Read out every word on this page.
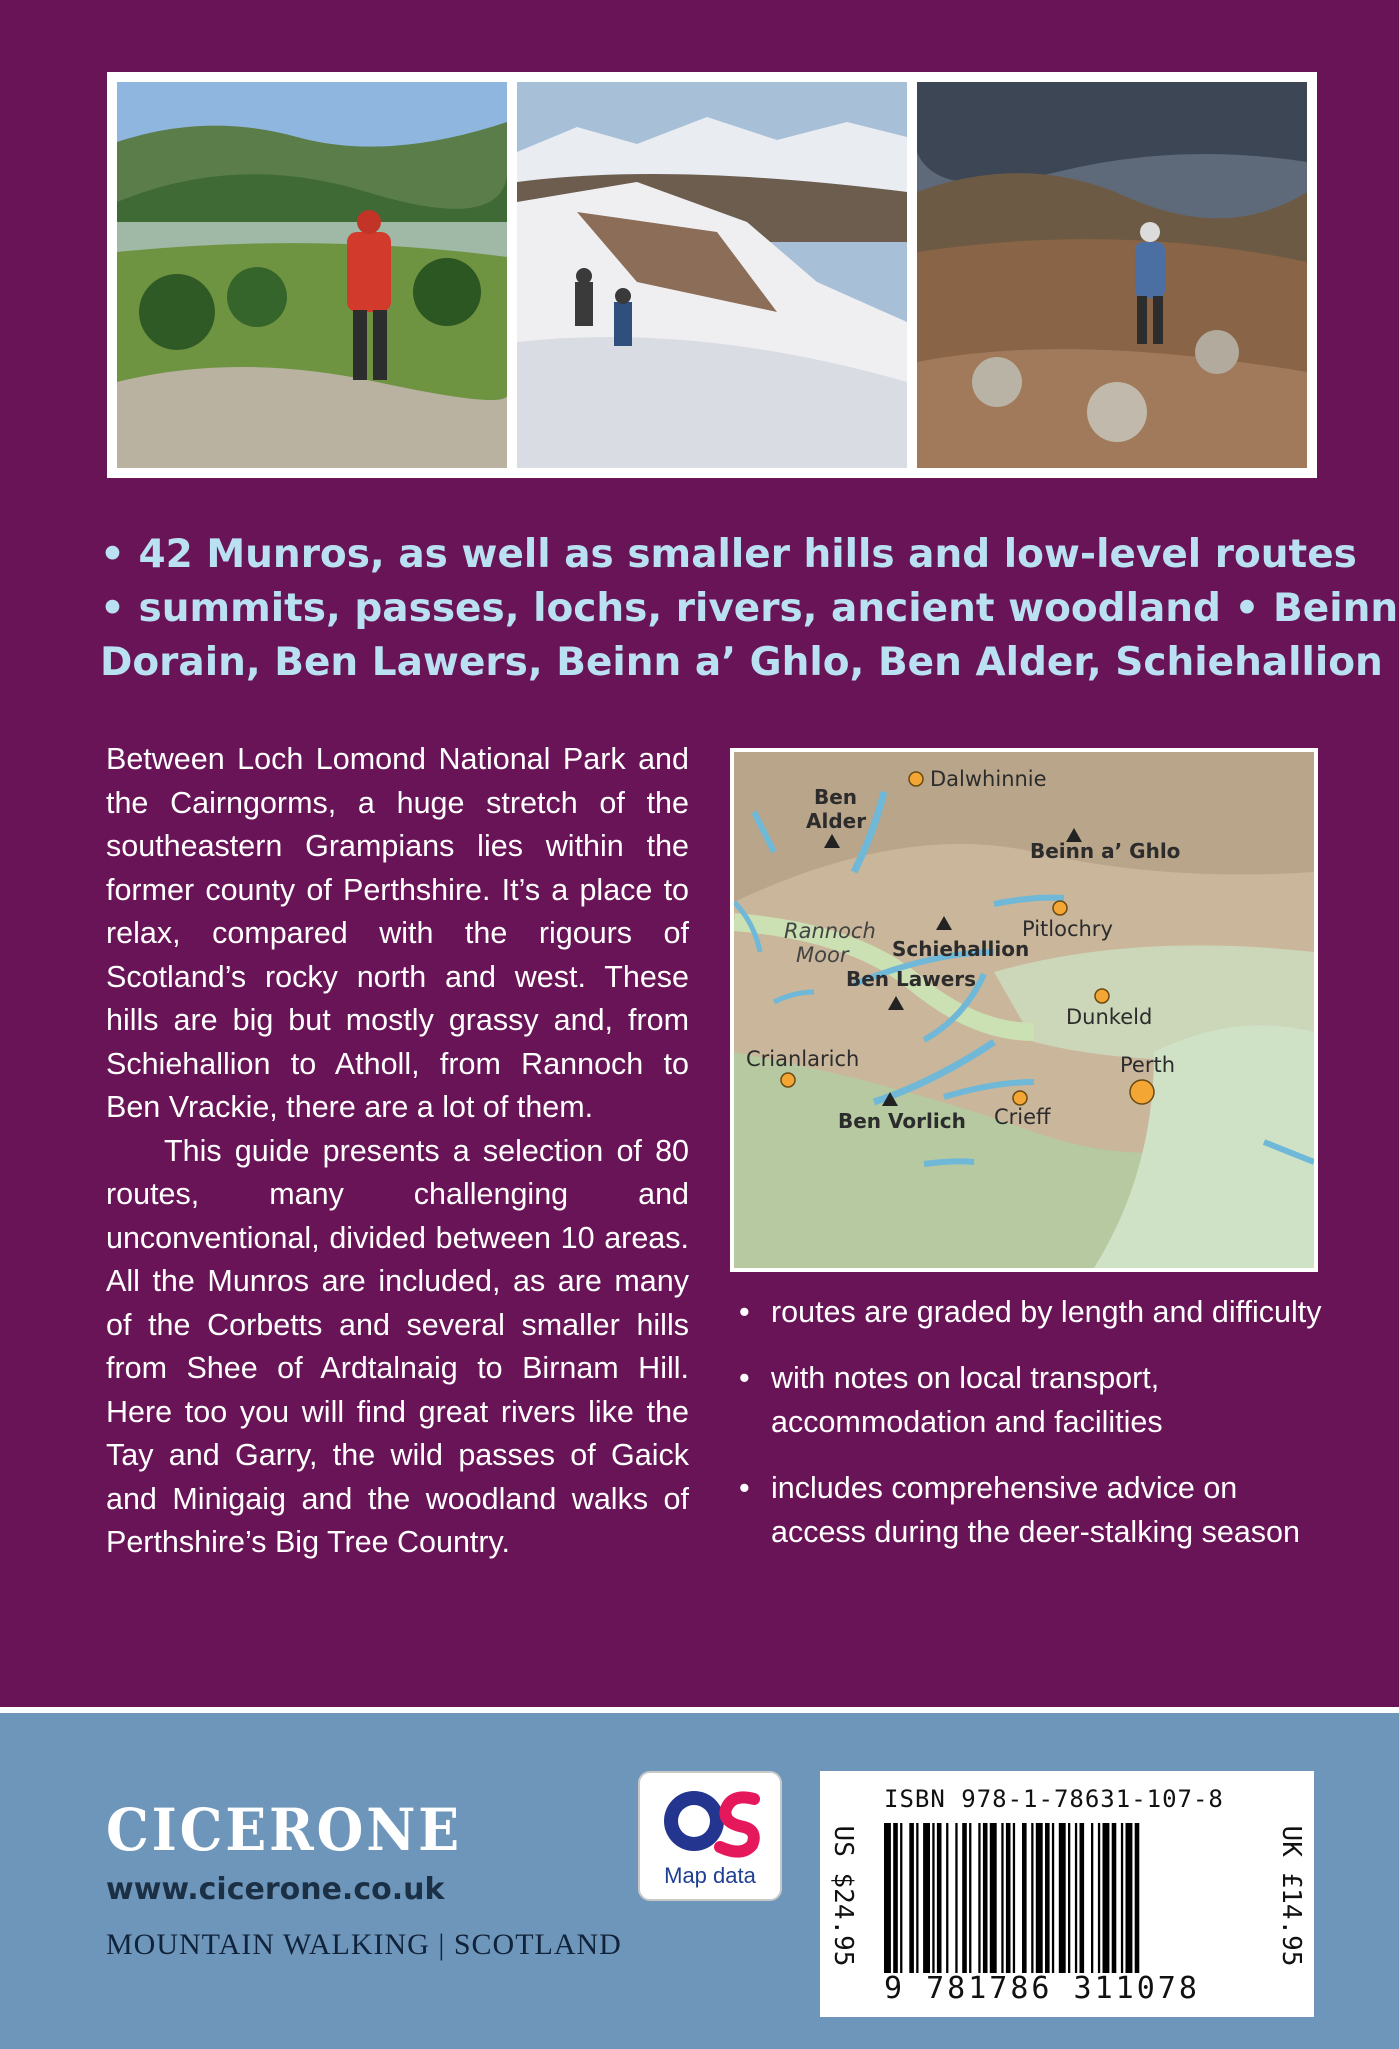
• 42 Munros, as well as smaller hills and low-level routes
• summits, passes, lochs, rivers, ancient woodland • Beinn
Dorain, Ben Lawers, Beinn a’ Ghlo, Ben Alder, Schiehallion

Between Loch Lomond National Park and the Cairngorms, a huge stretch of the southeastern Grampians lies within the former county of Perthshire. It’s a place to relax, compared with the rigours of Scotland’s rocky north and west. These hills are big but mostly grassy and, from Schiehallion to Atholl, from Rannoch to Ben Vrackie, there are a lot of them.

This guide presents a selection of 80 routes, many challenging and unconventional, divided between 10 areas. All the Munros are included, as are many of the Corbetts and several smaller hills from Shee of Ardtalnaig to Birnam Hill. Here too you will find great rivers like the Tay and Garry, the wild passes of Gaick and Minigaig and the woodland walks of Perthshire’s Big Tree Country.

Dalwhinnie
Ben
Alder
Beinn a’ Ghlo
Pitlochry
Rannoch
Moor Schiehallion
Ben Lawers
Dunkeld
Crianlarich	Perth
Ben Vorlich Crieff
• routes are graded by length and difficulty
• with notes on local transport, accommodation and facilities
• includes comprehensive advice on access during the deer-stalking season
CICERONE
www.cicerone.co.uk
MOUNTAIN WALKING | SCOTLAND
Map data	US $24.95
ISBN 978-1-78631-107-8
9 781786 311078
UK £14.95
